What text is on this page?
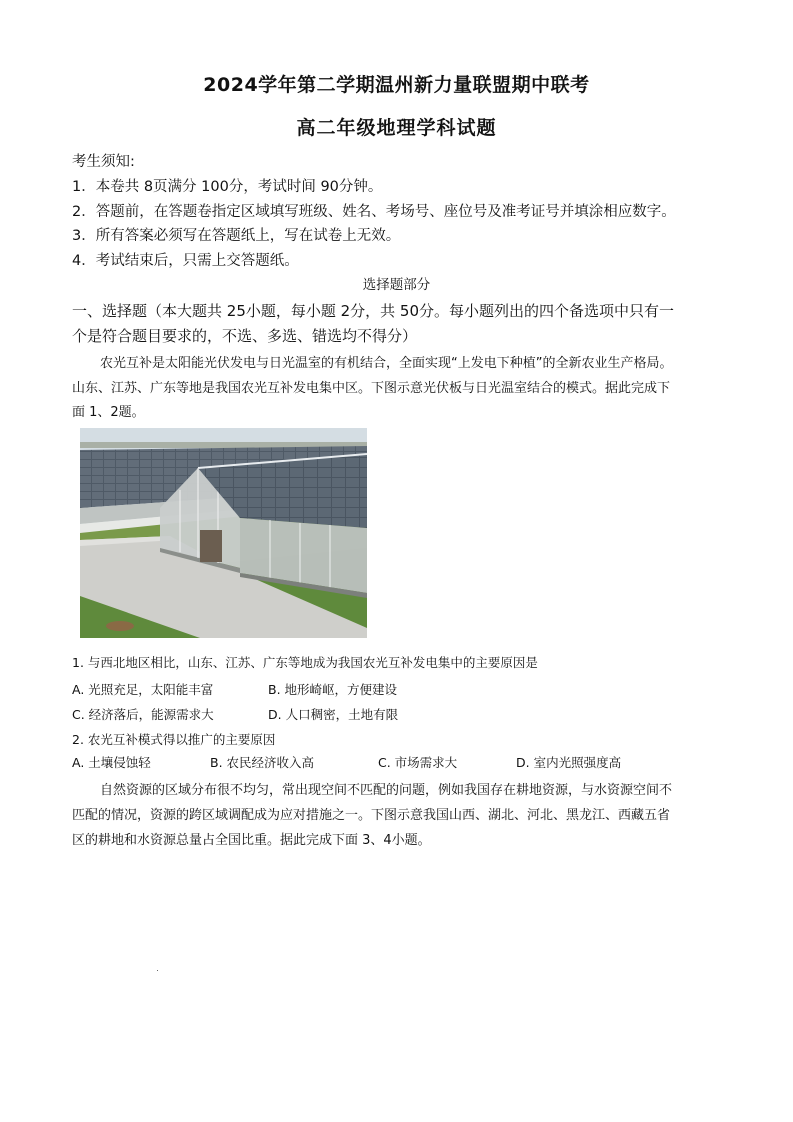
2024学年第二学期温州新力量联盟期中联考
高二年级地理学科试题
考生须知:
1．本卷共 8页满分 100分，考试时间 90分钟。
2．答题前，在答题卷指定区域填写班级、姓名、考场号、座位号及准考证号并填涂相应数字。
3．所有答案必须写在答题纸上，写在试卷上无效。
4．考试结束后，只需上交答题纸。
选择题部分
一、选择题（本大题共 25小题，每小题 2分，共 50分。每小题列出的四个备选项中只有一
个是符合题目要求的，不选、多选、错选均不得分）
农光互补是太阳能光伏发电与日光温室的有机结合，全面实现“上发电下种植”的全新农业生产格局。
山东、江苏、广东等地是我国农光互补发电集中区。下图示意光伏板与日光温室结合的模式。据此完成下
面 1、2题。
1. 与西北地区相比，山东、江苏、广东等地成为我国农光互补发电集中的主要原因是
A. 光照充足，太阳能丰富	B. 地形崎岖，方便建设
C. 经济落后，能源需求大	D. 人口稠密，土地有限
2. 农光互补模式得以推广的主要原因
A. 土壤侵蚀轻	B. 农民经济收入高	C. 市场需求大	D. 室内光照强度高
自然资源的区域分布很不均匀，常出现空间不匹配的问题，例如我国存在耕地资源，与水资源空间不
匹配的情况，资源的跨区域调配成为应对措施之一。下图示意我国山西、湖北、河北、黑龙江、西藏五省
区的耕地和水资源总量占全国比重。据此完成下面 3、4小题。
